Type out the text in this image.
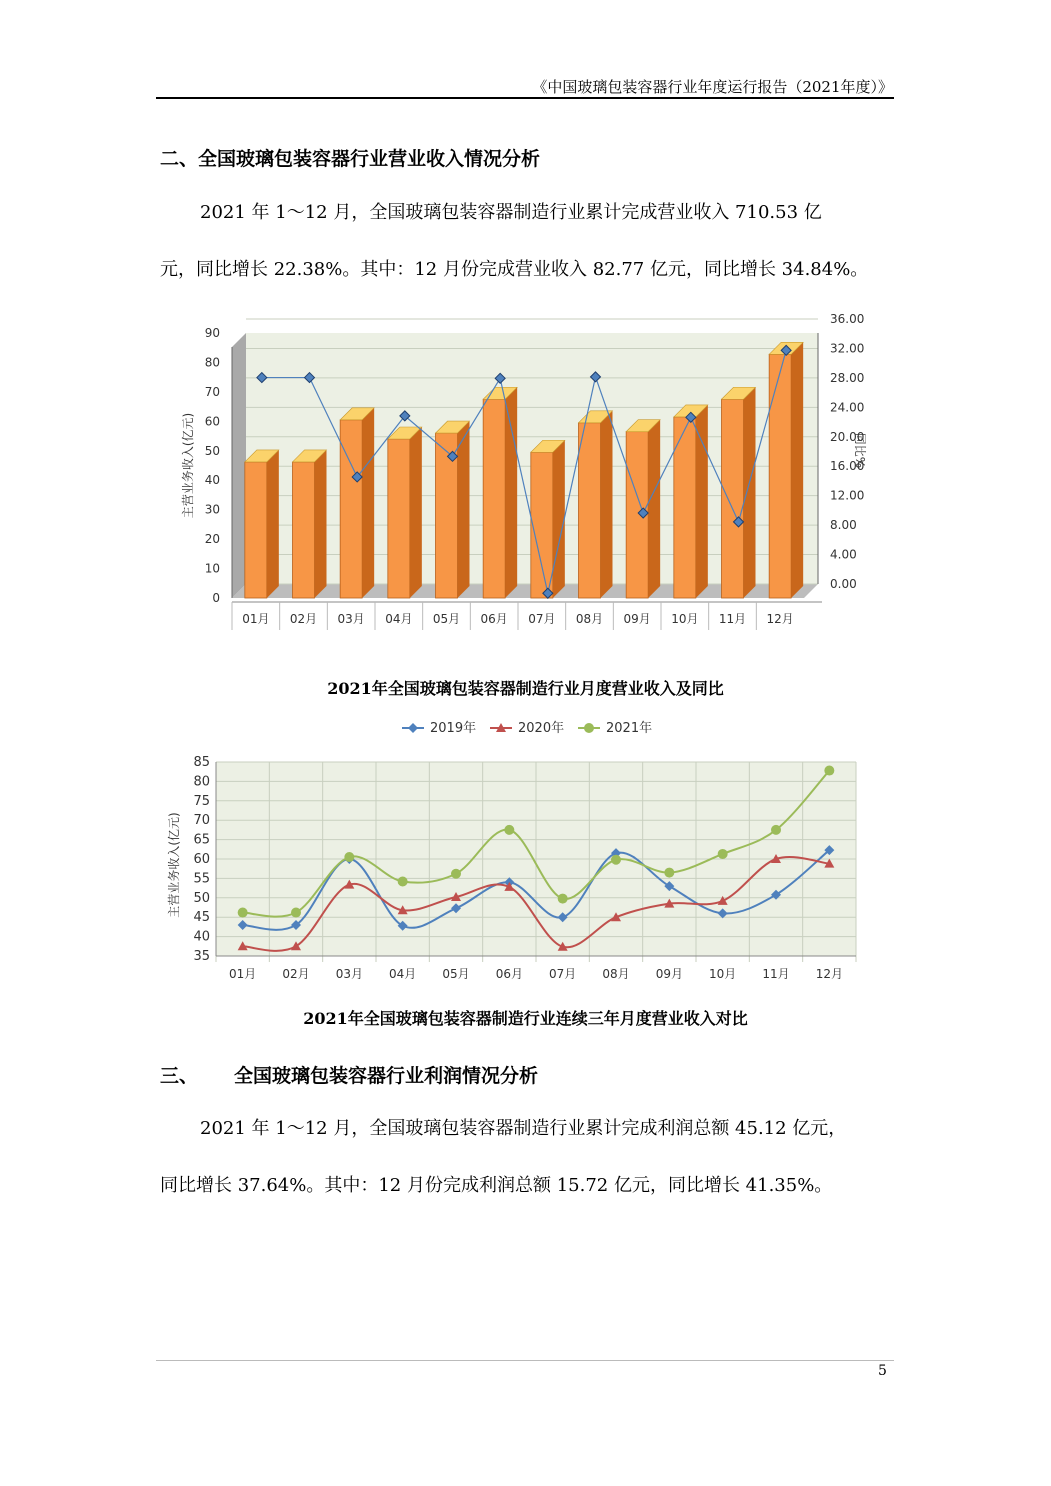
《中国玻璃包装容器行业年度运行报告（2021年度）》
二、全国玻璃包装容器行业营业收入情况分析
2021 年 1～12 月，全国玻璃包装容器制造行业累计完成营业收入 710.53 亿
元，同比增长 22.38%。其中：12 月份完成营业收入 82.77 亿元，同比增长 34.84%。
0
10
20
30
40
50
60
70
80
90
0.00
4.00
8.00
12.00
16.00
20.00
24.00
28.00
32.00
36.00
主营业务收入(亿元)	同比%
01月 02月 03月 04月 05月 06月 07月 08月 09月 10月 11月 12月
2021年全国玻璃包装容器制造行业月度营业收入及同比
2019年	2020年	2021年
35
40
45
50
55
60
65
70
75
80
85
01月 02月 03月 04月 05月 06月 07月 08月 09月 10月 11月 12月
主营业务收入(亿元)
2021年全国玻璃包装容器制造行业连续三年月度营业收入对比
三、 全国玻璃包装容器行业利润情况分析
2021 年 1～12 月，全国玻璃包装容器制造行业累计完成利润总额 45.12 亿元，
同比增长 37.64%。其中：12 月份完成利润总额 15.72 亿元，同比增长 41.35%。
5
